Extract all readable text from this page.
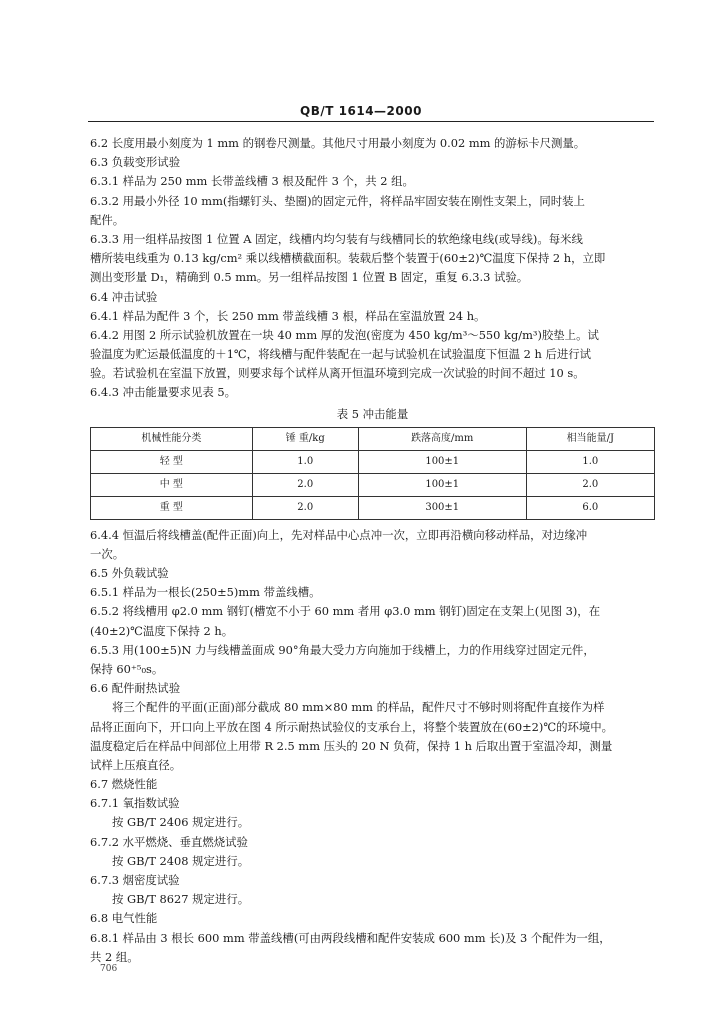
QB/T 1614—2000
6.2 长度用最小刻度为 1 mm 的钢卷尺测量。其他尺寸用最小刻度为 0.02 mm 的游标卡尺测量。
6.3 负载变形试验
6.3.1 样品为 250 mm 长带盖线槽 3 根及配件 3 个，共 2 组。
6.3.2 用最小外径 10 mm(指螺钉头、垫圈)的固定元件，将样品牢固安装在刚性支架上，同时装上
配件。
6.3.3 用一组样品按图 1 位置 A 固定，线槽内均匀装有与线槽同长的软绝缘电线(或导线)。每米线
槽所装电线重为 0.13 kg/cm² 乘以线槽横截面积。装载后整个装置于(60±2)℃温度下保持 2 h，立即
测出变形量 D₁，精确到 0.5 mm。另一组样品按图 1 位置 B 固定，重复 6.3.3 试验。
6.4 冲击试验
6.4.1 样品为配件 3 个，长 250 mm 带盖线槽 3 根，样品在室温放置 24 h。
6.4.2 用图 2 所示试验机放置在一块 40 mm 厚的发泡(密度为 450 kg/m³～550 kg/m³)胶垫上。试
验温度为贮运最低温度的＋1℃，将线槽与配件装配在一起与试验机在试验温度下恒温 2 h 后进行试
验。若试验机在室温下放置，则要求每个试样从离开恒温环境到完成一次试验的时间不超过 10 s。
6.4.3 冲击能量要求见表 5。
表 5 冲击能量
机械性能分类	锤 重/kg	跌落高度/mm	相当能量/J
轻 型	1.0	100±1	1.0
中 型	2.0	100±1	2.0
重 型	2.0	300±1	6.0
6.4.4 恒温后将线槽盖(配件正面)向上，先对样品中心点冲一次，立即再沿横向移动样品，对边缘冲
一次。
6.5 外负载试验
6.5.1 样品为一根长(250±5)mm 带盖线槽。
6.5.2 将线槽用 φ2.0 mm 钢钉(槽宽不小于 60 mm 者用 φ3.0 mm 钢钉)固定在支架上(见图 3)，在
(40±2)℃温度下保持 2 h。
6.5.3 用(100±5)N 力与线槽盖面成 90°角最大受力方向施加于线槽上，力的作用线穿过固定元件，
保持 60⁺⁵₀s。
6.6 配件耐热试验
将三个配件的平面(正面)部分截成 80 mm×80 mm 的样品，配件尺寸不够时则将配件直接作为样
品将正面向下，开口向上平放在图 4 所示耐热试验仪的支承台上，将整个装置放在(60±2)℃的环境中。
温度稳定后在样品中间部位上用带 R 2.5 mm 压头的 20 N 负荷，保持 1 h 后取出置于室温冷却，测量
试样上压痕直径。
6.7 燃烧性能
6.7.1 氧指数试验
按 GB/T 2406 规定进行。
6.7.2 水平燃烧、垂直燃烧试验
按 GB/T 2408 规定进行。
6.7.3 烟密度试验
按 GB/T 8627 规定进行。
6.8 电气性能
6.8.1 样品由 3 根长 600 mm 带盖线槽(可由两段线槽和配件安装成 600 mm 长)及 3 个配件为一组，
共 2 组。
706
